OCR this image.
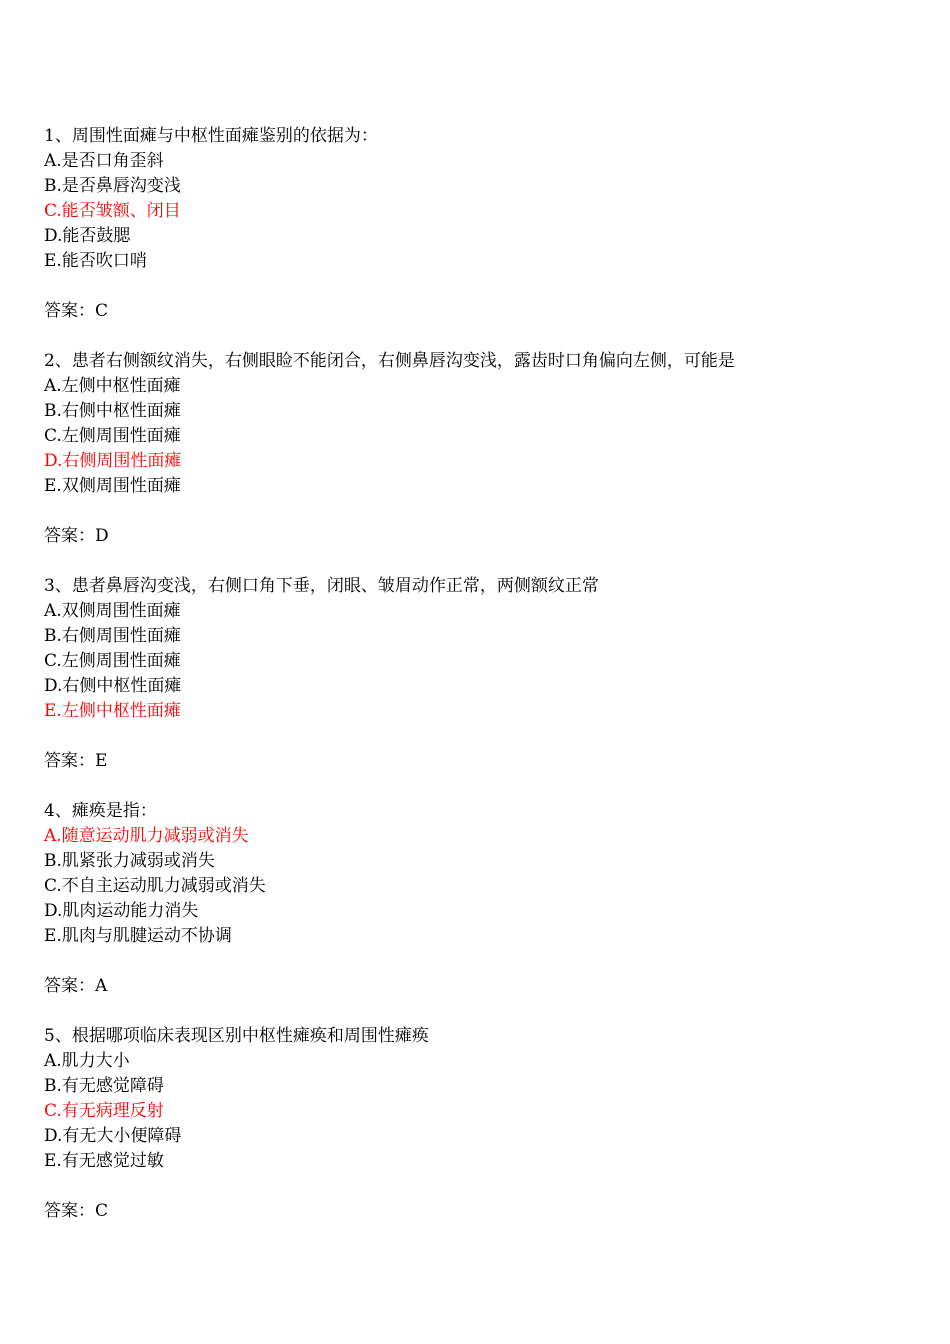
1、周围性面瘫与中枢性面瘫鉴别的依据为：
A.是否口角歪斜
B.是否鼻唇沟变浅
C.能否皱额、闭目
D.能否鼓腮
E.能否吹口哨
答案：C
2、患者右侧额纹消失，右侧眼睑不能闭合，右侧鼻唇沟变浅，露齿时口角偏向左侧，可能是
A.左侧中枢性面瘫
B.右侧中枢性面瘫
C.左侧周围性面瘫
D.右侧周围性面瘫
E.双侧周围性面瘫
答案：D
3、患者鼻唇沟变浅，右侧口角下垂，闭眼、皱眉动作正常，两侧额纹正常
A.双侧周围性面瘫
B.右侧周围性面瘫
C.左侧周围性面瘫
D.右侧中枢性面瘫
E.左侧中枢性面瘫
答案：E
4、瘫痪是指：
A.随意运动肌力减弱或消失
B.肌紧张力减弱或消失
C.不自主运动肌力减弱或消失
D.肌肉运动能力消失
E.肌肉与肌腱运动不协调
答案：A
5、根据哪项临床表现区别中枢性瘫痪和周围性瘫痪
A.肌力大小
B.有无感觉障碍
C.有无病理反射
D.有无大小便障碍
E.有无感觉过敏
答案：C
